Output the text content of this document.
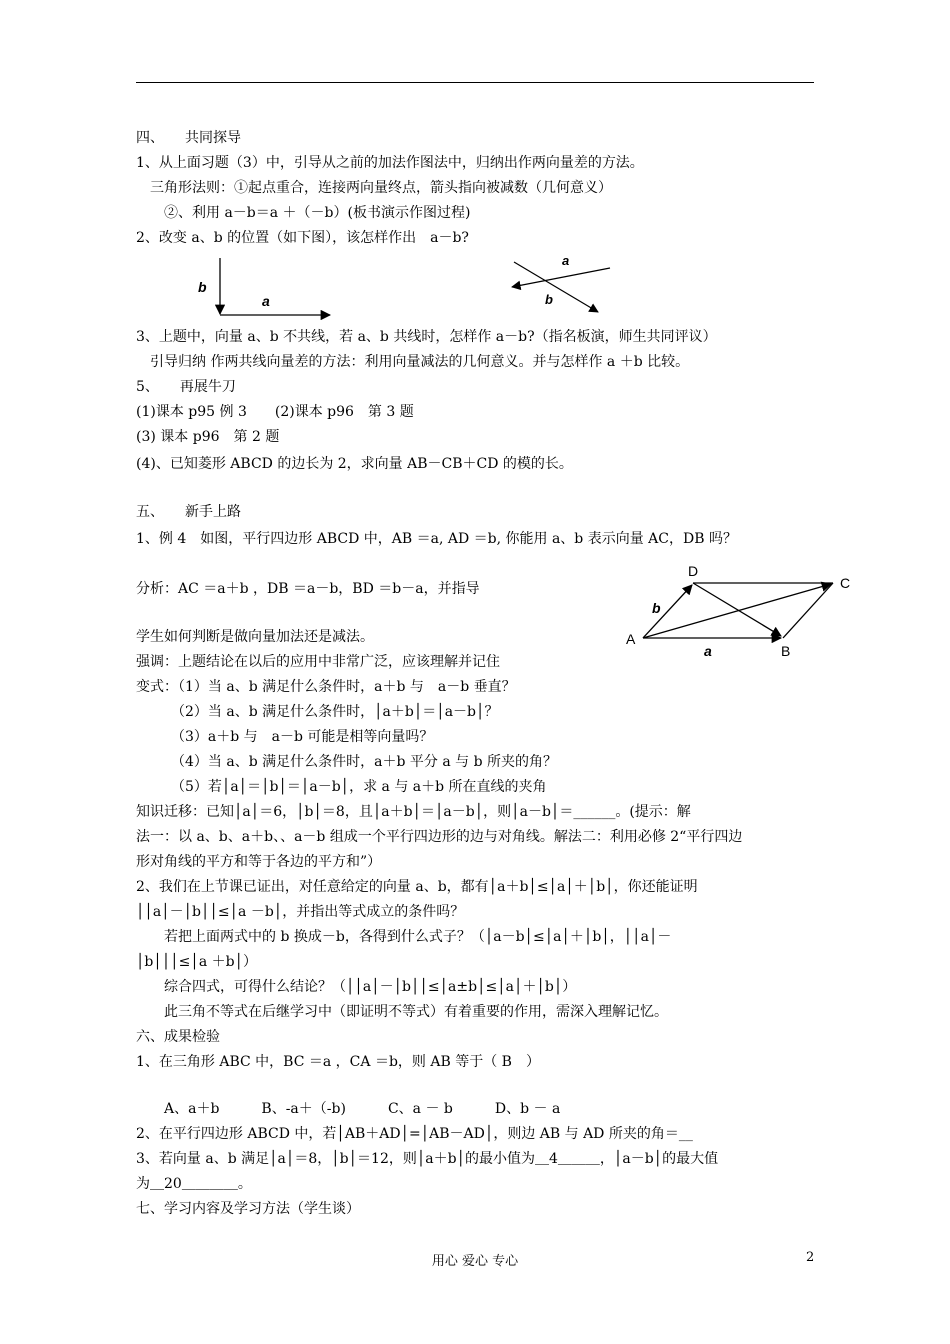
四、　　共同探导
1、从上面习题（3）中，引导从之前的加法作图法中，归纳出作两向量差的方法。
　三角形法则：①起点重合，连接两向量终点，箭头指向被减数（几何意义）
　　②、利用 a－b＝a ＋（－b）(板书演示作图过程)
2、改变 a、b 的位置（如下图），该怎样作出　a－b?
3、上题中，向量 a、b 不共线，若 a、b 共线时，怎样作 a－b?（指名板演，师生共同评议）
　引导归纳 作两共线向量差的方法：利用向量减法的几何意义。并与怎样作 a ＋b 比较。
5、　　再展牛刀
(1)课本 p95 例 3　　(2)课本 p96　第 3 题
(3) 课本 p96　第 2 题
(4)、已知菱形 ABCD 的边长为 2，求向量 AB－CB＋CD 的模的长。
五、　　新手上路
1、例 4　如图，平行四边形 ABCD 中，AB ＝a, AD ＝b, 你能用 a、b 表示向量 AC，DB 吗？
分析：AC ＝a＋b ，DB ＝a－b，BD ＝b－a，并指导
学生如何判断是做向量加法还是减法。
强调：上题结论在以后的应用中非常广泛，应该理解并记住
变式：（1）当 a、b 满足什么条件时，a＋b 与　a－b 垂直？
　　　（2）当 a、b 满足什么条件时，│a＋b│＝│a－b│？
　　　（3）a＋b 与　a－b 可能是相等向量吗？
　　　（4）当 a、b 满足什么条件时，a＋b 平分 a 与 b 所夹的角？
　　　（5）若│a│＝│b│＝│a－b│，求 a 与 a＋b 所在直线的夹角
知识迁移：已知│a│＝6，│b│＝8，且│a＋b│＝│a－b│，则│a－b│＝______。(提示：解
法一：以 a、b、a＋b、、a－b 组成一个平行四边形的边与对角线。解法二：利用必修 2“平行四边
形对角线的平方和等于各边的平方和”）
2、我们在上节课已证出，对任意给定的向量 a、b，都有│a＋b│≤│a│＋│b│，你还能证明
││a│－│b││≤│a －b│，并指出等式成立的条件吗？
　　若把上面两式中的 b 换成－b，各得到什么式子？（│a－b│≤│a│＋│b│，││a│－
│b│││≤│a ＋b│）
　　综合四式，可得什么结论？（││a│－│b││≤│a±b│≤│a│＋│b│）
　　此三角不等式在后继学习中（即证明不等式）有着重要的作用，需深入理解记忆。
六、成果检验
1、在三角形 ABC 中，BC ＝a ，CA ＝b，则 AB 等于（ B　）
　　A、a＋b　　　B、-a＋（-b)　　　C、a － b　　　D、b － a
2、在平行四边形 ABCD 中，若│AB＋AD│=│AB－AD│，则边 AB 与 AD 所夹的角＝__
3、若向量 a、b 满足│a│＝8，│b│＝12，则│a＋b│的最小值为＿4＿＿＿，│a－b│的最大值
为＿20＿＿＿＿。
七、学习内容及学习方法（学生谈）
b
a
a
b
D
C
A
B
b
a
用心 爱心 专心	2
